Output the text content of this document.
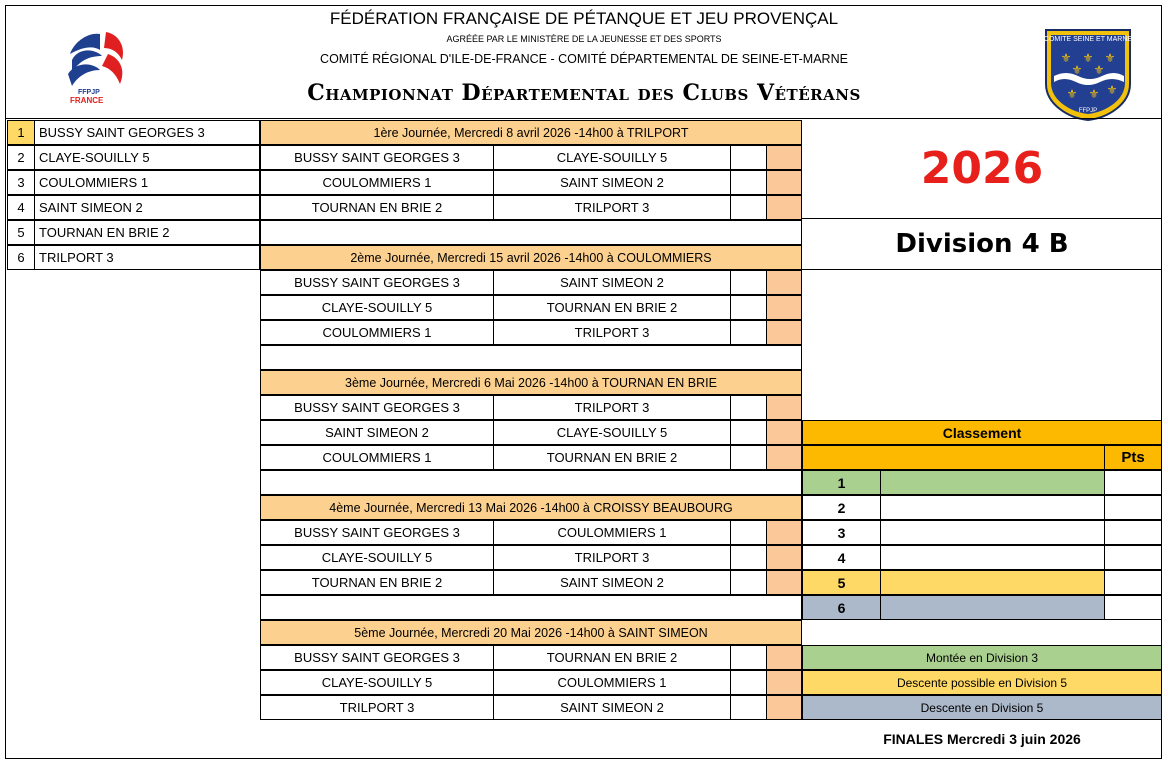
FÉDÉRATION FRANÇAISE DE PÉTANQUE ET JEU PROVENÇAL
AGRÉÉE PAR LE MINISTÈRE DE LA JEUNESSE ET DES SPORTS
COMITÉ RÉGIONAL D'ILE-DE-FRANCE - COMITÉ DÉPARTEMENTAL DE SEINE-ET-MARNE
Championnat Départemental des Clubs Vétérans
FFPJP
FRANCE
COMITE SEINE ET MARNE
⚜ ⚜ ⚜
⚜ ⚜
⚜ ⚜ ⚜
FFPJP
1	BUSSY SAINT GEORGES 3
2	CLAYE-SOUILLY 5
3	COULOMMIERS 1
4	SAINT SIMEON 2
5	TOURNAN EN BRIE 2
6	TRILPORT 3
1ère Journée, Mercredi 8 avril 2026 -14h00 à TRILPORT
BUSSY SAINT GEORGES 3	CLAYE-SOUILLY 5
COULOMMIERS 1	SAINT SIMEON 2
TOURNAN EN BRIE 2	TRILPORT 3
2ème Journée, Mercredi 15 avril 2026 -14h00 à COULOMMIERS
BUSSY SAINT GEORGES 3	SAINT SIMEON 2
CLAYE-SOUILLY 5	TOURNAN EN BRIE 2
COULOMMIERS 1	TRILPORT 3
3ème Journée, Mercredi 6 Mai 2026 -14h00 à TOURNAN EN BRIE
BUSSY SAINT GEORGES 3	TRILPORT 3
SAINT SIMEON 2	CLAYE-SOUILLY 5
COULOMMIERS 1	TOURNAN EN BRIE 2
4ème Journée, Mercredi 13 Mai 2026 -14h00 à CROISSY BEAUBOURG
BUSSY SAINT GEORGES 3	COULOMMIERS 1
CLAYE-SOUILLY 5	TRILPORT 3
TOURNAN EN BRIE 2	SAINT SIMEON 2
5ème Journée, Mercredi 20 Mai 2026 -14h00 à SAINT SIMEON
BUSSY SAINT GEORGES 3	TOURNAN EN BRIE 2
CLAYE-SOUILLY 5	COULOMMIERS 1
TRILPORT 3	SAINT SIMEON 2
2026
Division 4 B
Classement
Pts
1
2
3
4
5
6
Montée en Division 3
Descente possible en Division 5
Descente en Division 5
FINALES Mercredi 3 juin 2026
